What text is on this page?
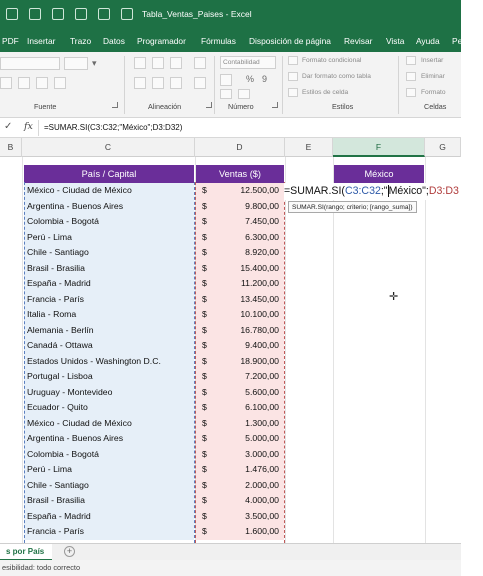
Tabla_Ventas_Paises - Excel
PDF Insertar Trazo Datos Programador Fórmulas Disposición de página Revisar Vista Ayuda Pestaña
▾
Fuente	Alineación
Contabilidad
% 9
Número
Formato condicional
Dar formato como tabla
Estilos de celda
Estilos
Insertar
Eliminar
Formato
Celdas
✓ fx =SUMAR.SI(C3:C32;"México";D3:D32)
B	C	D	E	F	G
País / Capital	Ventas ($)	México
México - Ciudad de México	$	12.500,00
Argentina - Buenos Aires	$	9.800,00
Colombia - Bogotá	$	7.450,00
Perú - Lima	$	6.300,00
Chile - Santiago	$	8.920,00
Brasil - Brasilia	$	15.400,00
España - Madrid	$	11.200,00
Francia - París	$	13.450,00
Italia - Roma	$	10.100,00
Alemania - Berlín	$	16.780,00
Canadá - Ottawa	$	9.400,00
Estados Unidos - Washington D.C.	$	18.900,00
Portugal - Lisboa	$	7.200,00
Uruguay - Montevideo	$	5.600,00
Ecuador - Quito	$	6.100,00
México - Ciudad de México	$	1.300,00
Argentina - Buenos Aires	$	5.000,00
Colombia - Bogotá	$	3.000,00
Perú - Lima	$	1.476,00
Chile - Santiago	$	2.000,00
Brasil - Brasilia	$	4.000,00
España - Madrid	$	3.500,00
Francia - París	$	1.600,00
=SUMAR.SI(C3:C32;"México";D3:D3
SUMAR.SI(rango; criterio; [rango_suma])
✛
s por País	+
esibilidad: todo correcto
